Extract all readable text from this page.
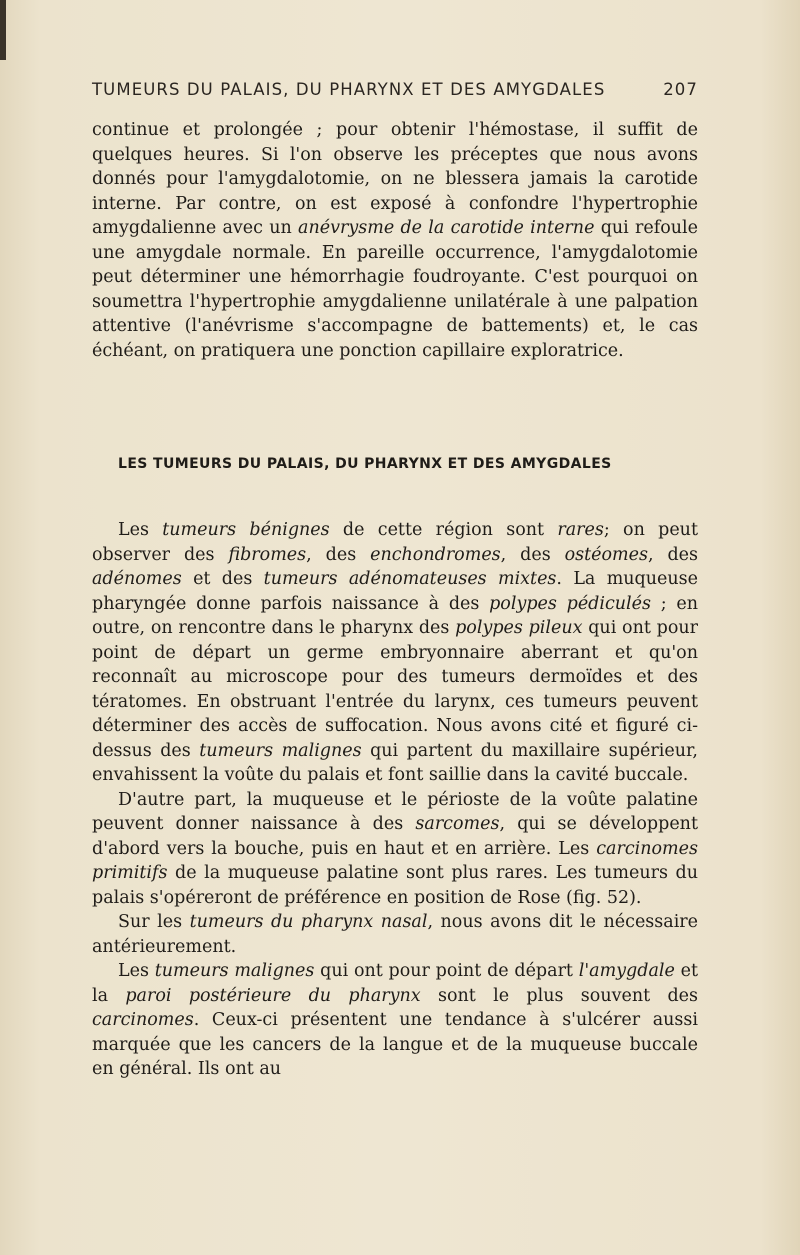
TUMEURS DU PALAIS, DU PHARYNX ET DES AMYGDALES	207

continue et prolongée ; pour obtenir l'hémostase, il suffit de quelques heures. Si l'on observe les préceptes que nous avons donnés pour l'amygdalotomie, on ne blessera jamais la carotide interne. Par contre, on est exposé à confondre l'hypertrophie amygdalienne avec un anévrysme de la carotide interne qui refoule une amygdale normale. En pareille occurrence, l'amygdalotomie peut déterminer une hémorrhagie foudroyante. C'est pourquoi on soumettra l'hypertrophie amygdalienne unilatérale à une palpation attentive (l'anévrisme s'accompagne de battements) et, le cas échéant, on pratiquera une ponction capillaire exploratrice.

LES TUMEURS DU PALAIS, DU PHARYNX ET DES AMYGDALES

Les tumeurs bénignes de cette région sont rares; on peut observer des fibromes, des enchondromes, des ostéomes, des adénomes et des tumeurs adénomateuses mixtes. La muqueuse pharyngée donne parfois naissance à des polypes pédiculés ; en outre, on rencontre dans le pharynx des polypes pileux qui ont pour point de départ un germe embryonnaire aberrant et qu'on reconnaît au microscope pour des tumeurs dermoïdes et des tératomes. En obstruant l'entrée du larynx, ces tumeurs peuvent déterminer des accès de suffocation. Nous avons cité et figuré ci-dessus des tumeurs malignes qui partent du maxillaire supérieur, envahissent la voûte du palais et font saillie dans la cavité buccale.

D'autre part, la muqueuse et le périoste de la voûte palatine peuvent donner naissance à des sarcomes, qui se développent d'abord vers la bouche, puis en haut et en arrière. Les carcinomes primitifs de la muqueuse palatine sont plus rares. Les tumeurs du palais s'opéreront de préférence en position de Rose (fig. 52).

Sur les tumeurs du pharynx nasal, nous avons dit le nécessaire antérieurement.

Les tumeurs malignes qui ont pour point de départ l'amygdale et la paroi postérieure du pharynx sont le plus souvent des carcinomes. Ceux-ci présentent une tendance à s'ulcérer aussi marquée que les cancers de la langue et de la muqueuse buccale en général. Ils ont au
